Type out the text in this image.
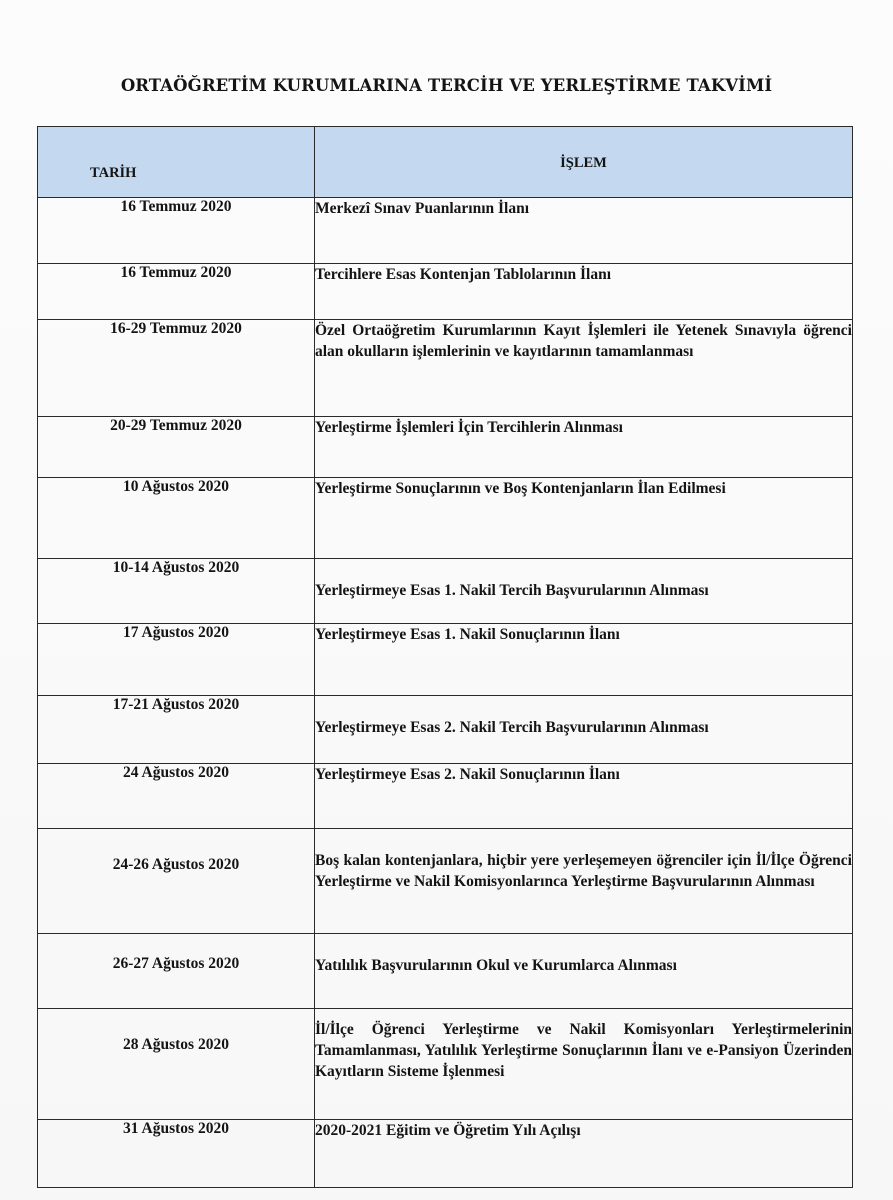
ORTAÖĞRETİM KURUMLARINA TERCİH VE YERLEŞTİRME TAKVİMİ
TARİH	İŞLEM
16 Temmuz 2020	Merkezî Sınav Puanlarının İlanı
16 Temmuz 2020	Tercihlere Esas Kontenjan Tablolarının İlanı
16-29 Temmuz 2020	Özel Ortaöğretim Kurumlarının Kayıt İşlemleri ile Yetenek Sınavıyla öğrenci alan okulların işlemlerinin ve kayıtlarının tamamlanması
20-29 Temmuz 2020	Yerleştirme İşlemleri İçin Tercihlerin Alınması
10 Ağustos 2020	Yerleştirme Sonuçlarının ve Boş Kontenjanların İlan Edilmesi
10-14 Ağustos 2020	Yerleştirmeye Esas 1. Nakil Tercih Başvurularının Alınması
17 Ağustos 2020	Yerleştirmeye Esas 1. Nakil Sonuçlarının İlanı
17-21 Ağustos 2020	Yerleştirmeye Esas 2. Nakil Tercih Başvurularının Alınması
24 Ağustos 2020	Yerleştirmeye Esas 2. Nakil Sonuçlarının İlanı
24-26 Ağustos 2020	Boş kalan kontenjanlara, hiçbir yere yerleşemeyen öğrenciler için İl/İlçe Öğrenci Yerleştirme ve Nakil Komisyonlarınca Yerleştirme Başvurularının Alınması
26-27 Ağustos 2020	Yatılılık Başvurularının Okul ve Kurumlarca Alınması
28 Ağustos 2020	İl/İlçe Öğrenci Yerleştirme ve Nakil Komisyonları Yerleştirmelerinin Tamamlanması, Yatılılık Yerleştirme Sonuçlarının İlanı ve e-Pansiyon Üzerinden Kayıtların Sisteme İşlenmesi
31 Ağustos 2020	2020-2021 Eğitim ve Öğretim Yılı Açılışı
